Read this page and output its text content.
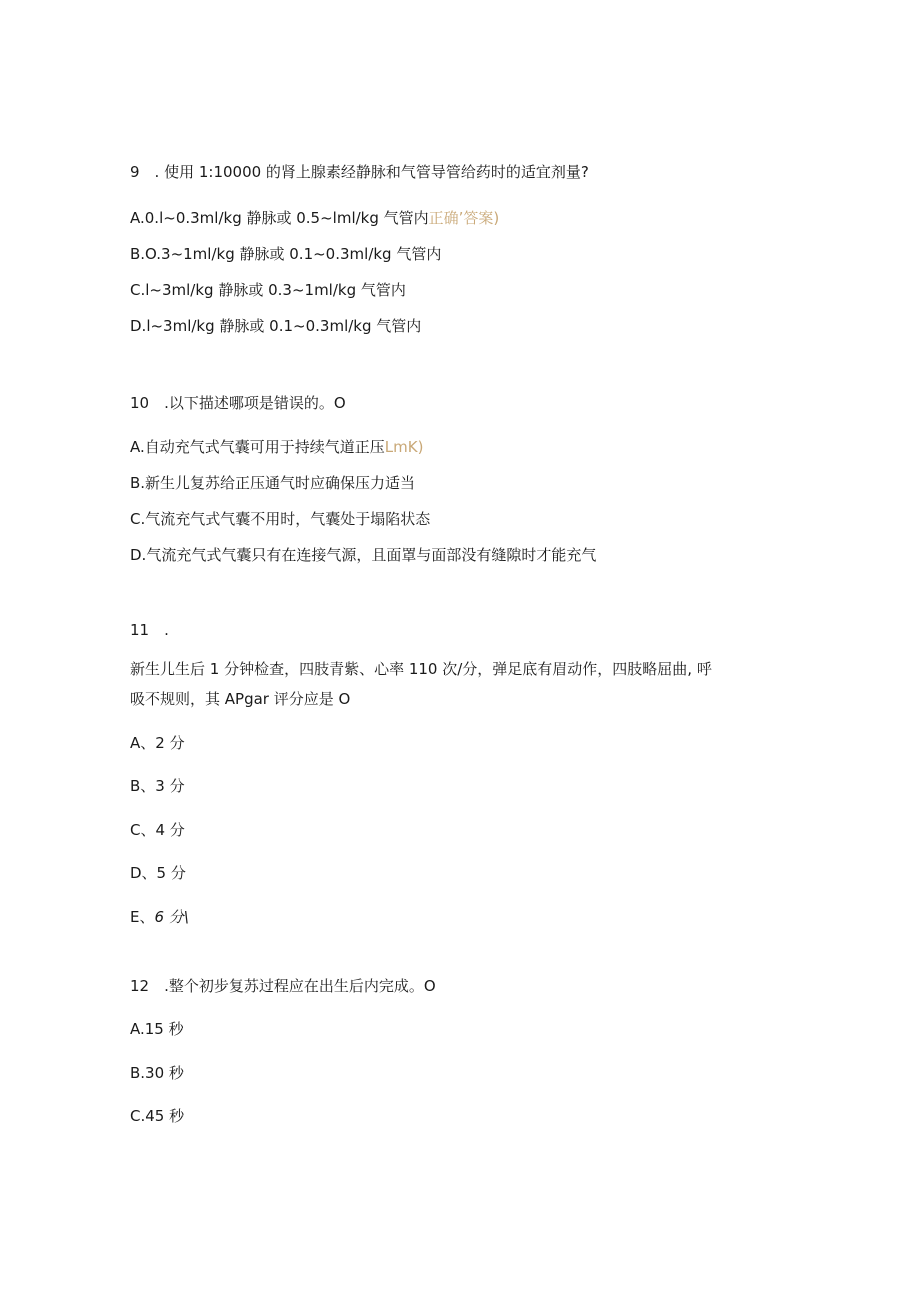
9　. 使用 1:10000 的肾上腺素经静脉和气管导管给药时的适宜剂量?
A.0.l~0.3ml/kg 静脉或 0.5~lml/kg 气管内正确’答案)
B.O.3~1ml/kg 静脉或 0.1~0.3ml/kg 气管内
C.l~3ml/kg 静脉或 0.3~1ml/kg 气管内
D.l~3ml/kg 静脉或 0.1~0.3ml/kg 气管内
10　.以下描述哪项是错误的。O
A.自动充气式气囊可用于持续气道正压LmK)
B.新生儿复苏给正压通气时应确保压力适当
C.气流充气式气囊不用时，气囊处于塌陷状态
D.气流充气式气囊只有在连接气源，且面罩与面部没有缝隙时才能充气
11　.
新生儿生后 1 分钟检查，四肢青紫、心率 110 次/分，弹足底有眉动作，四肢略屈曲, 呼
吸不规则，其 APgar 评分应是 O
A、2 分
B、3 分
C、4 分
D、5 分
E、6 分\
12　.整个初步复苏过程应在出生后内完成。O
A.15 秒
B.30 秒
C.45 秒
